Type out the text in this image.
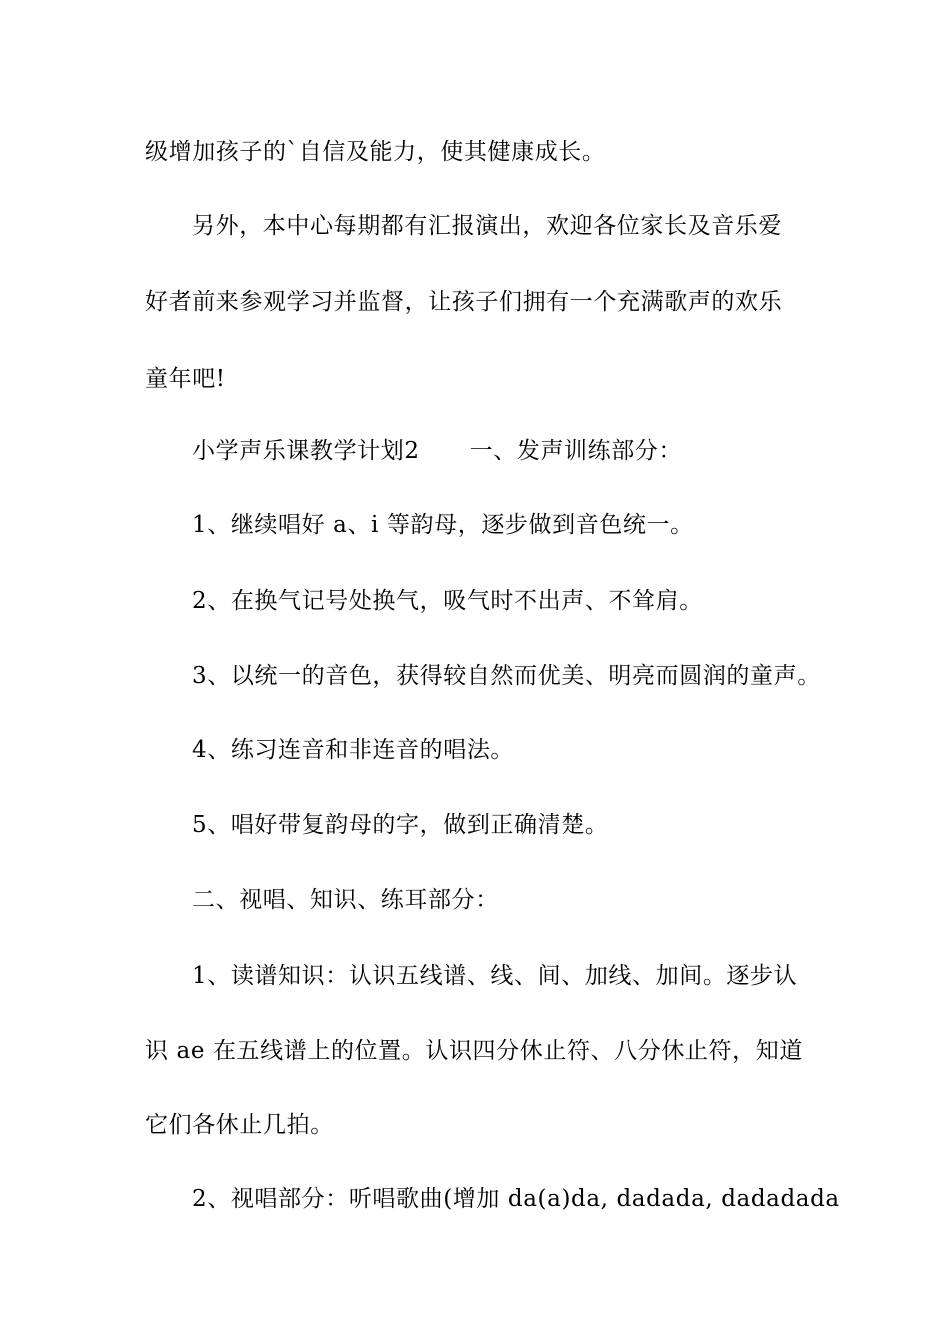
级增加孩子的`自信及能力，使其健康成长。
另外，本中心每期都有汇报演出，欢迎各位家长及音乐爱
好者前来参观学习并监督，让孩子们拥有一个充满歌声的欢乐
童年吧!
小学声乐课教学计划2 一、发声训练部分：
1、继续唱好 a、i 等韵母，逐步做到音色统一。
2、在换气记号处换气，吸气时不出声、不耸肩。
3、以统一的音色，获得较自然而优美、明亮而圆润的童声。
4、练习连音和非连音的唱法。
5、唱好带复韵母的字，做到正确清楚。
二、视唱、知识、练耳部分：
1、读谱知识：认识五线谱、线、间、加线、加间。逐步认
识 ae 在五线谱上的位置。认识四分休止符、八分休止符，知道
它们各休止几拍。
2、视唱部分：听唱歌曲(增加 da(a)da, dadada, dadadada
